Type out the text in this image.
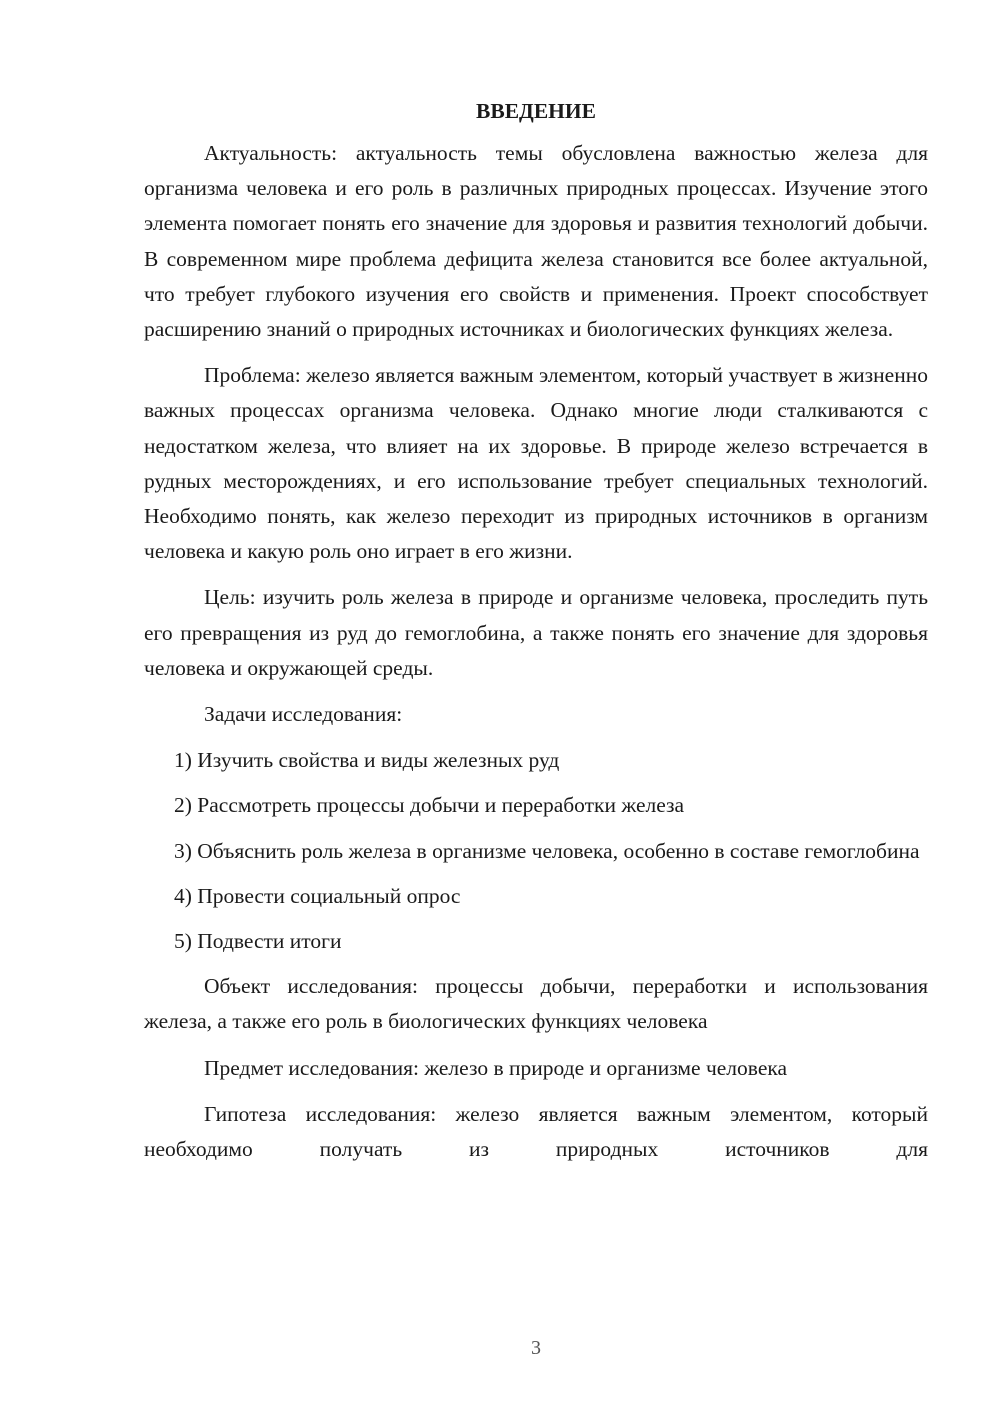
ВВЕДЕНИЕ

Актуальность: актуальность темы обусловлена важностью железа для организма человека и его роль в различных природных процессах. Изучение этого элемента помогает понять его значение для здоровья и развития технологий добычи. В современном мире проблема дефицита железа становится все более актуальной, что требует глубокого изучения его свойств и применения. Проект способствует расширению знаний о природных источниках и биологических функциях железа.

Проблема: железо является важным элементом, который участвует в жизненно важных процессах организма человека. Однако многие люди сталкиваются с недостатком железа, что влияет на их здоровье. В природе железо встречается в рудных месторождениях, и его использование требует специальных технологий. Необходимо понять, как железо переходит из природных источников в организм человека и какую роль оно играет в его жизни.

Цель: изучить роль железа в природе и организме человека, проследить путь его превращения из руд до гемоглобина, а также понять его значение для здоровья человека и окружающей среды.

Задачи исследования:

1) Изучить свойства и виды железных руд

2) Рассмотреть процессы добычи и переработки железа

3) Объяснить роль железа в организме человека, особенно в составе гемоглобина

4) Провести социальный опрос

5) Подвести итоги

Объект исследования: процессы добычи, переработки и использования железа, а также его роль в биологических функциях человека

Предмет исследования: железо в природе и организме человека

Гипотеза исследования: железо является важным элементом, который необходимо получать из природных источников для

3
